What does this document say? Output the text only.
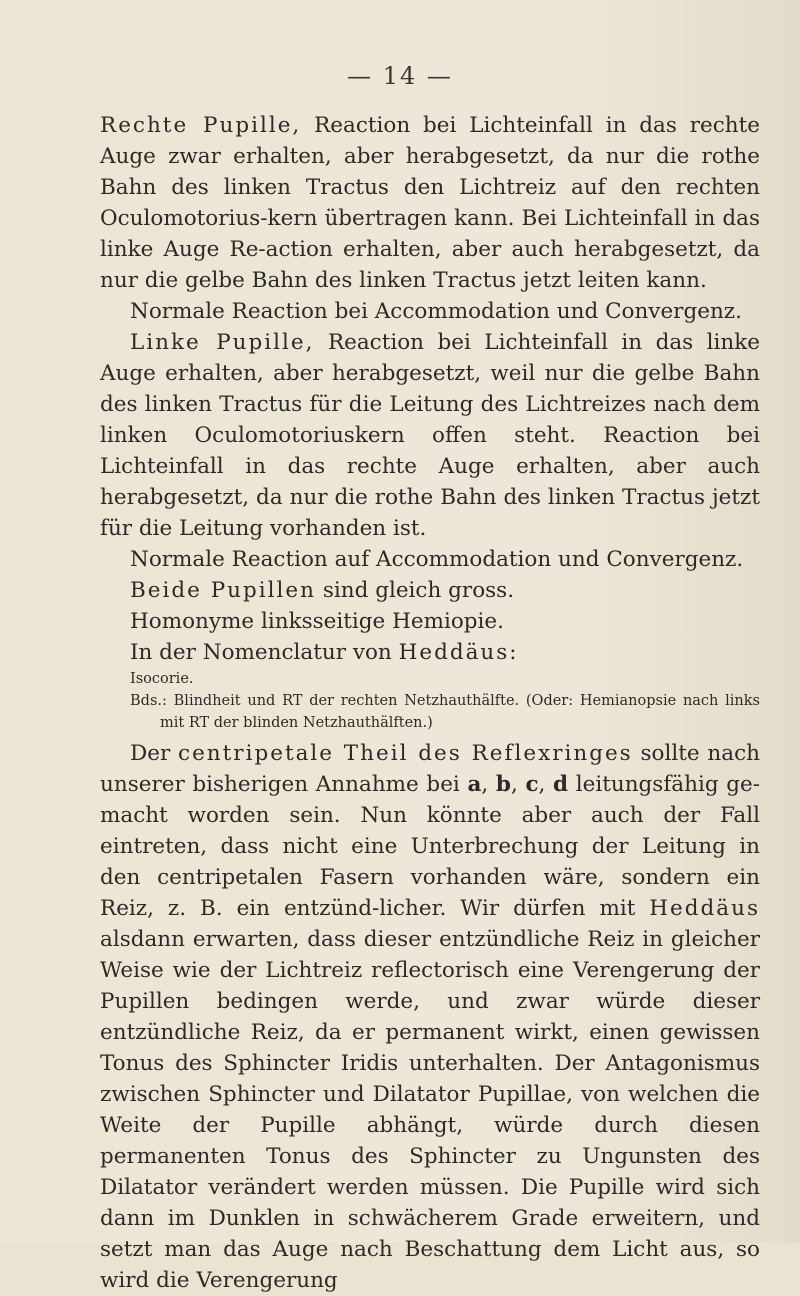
— 14 —

Rechte Pupille, Reaction bei Lichteinfall in das rechte Auge zwar erhalten, aber herabgesetzt, da nur die rothe Bahn des linken Tractus den Lichtreiz auf den rechten Oculomotorius-kern übertragen kann. Bei Lichteinfall in das linke Auge Re-action erhalten, aber auch herabgesetzt, da nur die gelbe Bahn des linken Tractus jetzt leiten kann.

Normale Reaction bei Accommodation und Convergenz.

Linke Pupille, Reaction bei Lichteinfall in das linke Auge erhalten, aber herabgesetzt, weil nur die gelbe Bahn des linken Tractus für die Leitung des Lichtreizes nach dem linken Oculomotoriuskern offen steht. Reaction bei Lichteinfall in das rechte Auge erhalten, aber auch herabgesetzt, da nur die rothe Bahn des linken Tractus jetzt für die Leitung vorhanden ist.

Normale Reaction auf Accommodation und Convergenz.

Beide Pupillen sind gleich gross.

Homonyme linksseitige Hemiopie.

In der Nomenclatur von Heddäus:

Isocorie.

Bds.: Blindheit und RT der rechten Netzhauthälfte. (Oder: Hemianopsie nach links mit RT der blinden Netzhauthälften.)

Der centripetale Theil des Reflexringes sollte nach unserer bisherigen Annahme bei a, b, c, d leitungsfähig ge-macht worden sein. Nun könnte aber auch der Fall eintreten, dass nicht eine Unterbrechung der Leitung in den centripetalen Fasern vorhanden wäre, sondern ein Reiz, z. B. ein entzünd-licher. Wir dürfen mit Heddäus alsdann erwarten, dass dieser entzündliche Reiz in gleicher Weise wie der Lichtreiz reflectorisch eine Verengerung der Pupillen bedingen werde, und zwar würde dieser entzündliche Reiz, da er permanent wirkt, einen gewissen Tonus des Sphincter Iridis unterhalten. Der Antagonismus zwischen Sphincter und Dilatator Pupillae, von welchen die Weite der Pupille abhängt, würde durch diesen permanenten Tonus des Sphincter zu Ungunsten des Dilatator verändert werden müssen. Die Pupille wird sich dann im Dunklen in schwächerem Grade erweitern, und setzt man das Auge nach Beschattung dem Licht aus, so wird die Verengerung
